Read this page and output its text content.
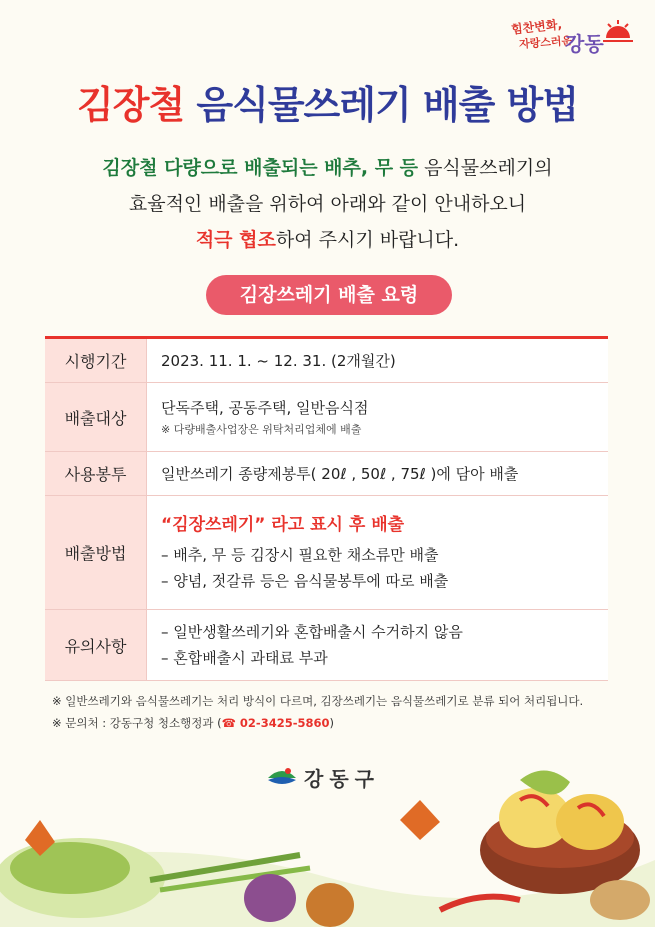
힘찬변화,
자랑스러운
강동
김장철 음식물쓰레기 배출 방법
김장철 다량으로 배출되는 배추, 무 등 음식물쓰레기의
효율적인 배출을 위하여 아래와 같이 안내하오니
적극 협조하여 주시기 바랍니다.
김장쓰레기 배출 요령
시행기간	2023. 11. 1. ~ 12. 31. (2개월간)
배출대상
단독주택, 공동주택, 일반음식점
※ 다량배출사업장은 위탁처리업체에 배출
사용봉투	일반쓰레기 종량제봉투( 20ℓ , 50ℓ , 75ℓ )에 담아 배출
배출방법
“김장쓰레기” 라고 표시 후 배출
– 배추, 무 등 김장시 필요한 채소류만 배출
– 양념, 젓갈류 등은 음식물봉투에 따로 배출
유의사항
– 일반생활쓰레기와 혼합배출시 수거하지 않음
– 혼합배출시 과태료 부과
※ 일반쓰레기와 음식물쓰레기는 처리 방식이 다르며, 김장쓰레기는 음식물쓰레기로 분류 되어 처리됩니다.
※ 문의처 : 강동구청 청소행정과 (☎ 02-3425-5860)
강동구
